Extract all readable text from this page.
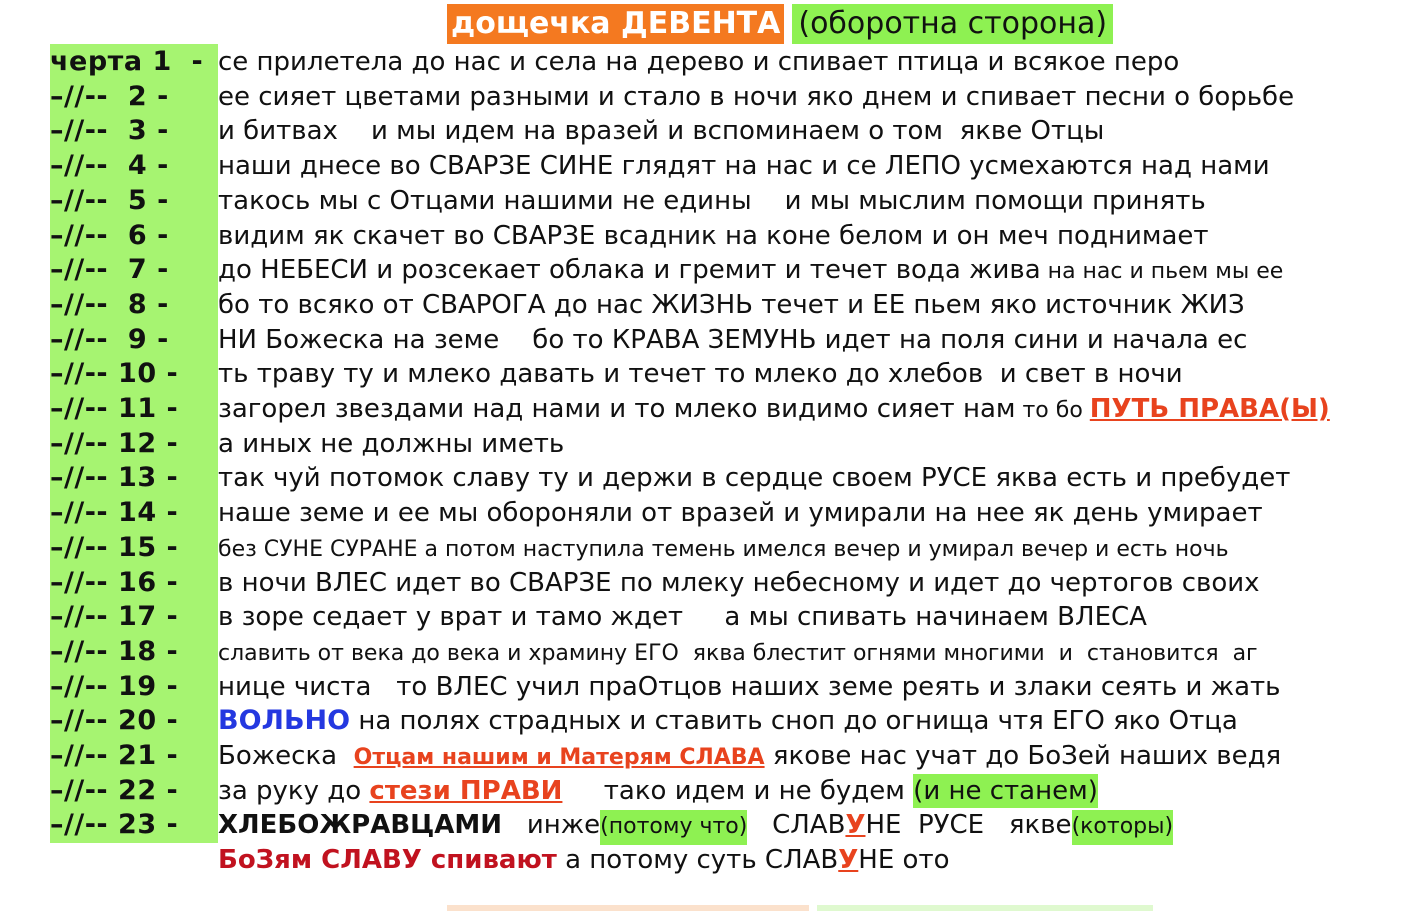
дощечка ДЕВЕНТА (оборотна сторона)
черта 1  - се прилетела до нас и села на дерево и спивает птица и всякое перо
–//--  2 - ее сияет цветами разными и стало в ночи яко днем и спивает песни о борьбе
–//--  3 - и битвах    и мы идем на вразей и вспоминаем о том  якве Отцы
–//--  4 - наши днесе во СВАРЗЕ СИНЕ глядят на нас и се ЛЕПО усмехаются над нами
–//--  5 - такось мы с Отцами нашими не едины    и мы мыслим помощи принять
–//--  6 - видим як скачет во СВАРЗЕ всадник на коне белом и он меч поднимает
–//--  7 - до НЕБЕСИ и розсекает облака и гремит и течет вода жива на нас и пьем мы ее
–//--  8 - бо то всяко от СВАРОГА до нас ЖИЗНЬ течет и ЕЕ пьем яко источник ЖИЗ
–//--  9 - НИ Божеска на земе    бо то КРАВА ЗЕМУНЬ идет на поля сини и начала ес
–//-- 10 - ть траву ту и млеко давать и течет то млеко до хлебов  и свет в ночи
–//-- 11 - загорел звездами над нами и то млеко видимо сияет нам то бо ПУТЬ ПРАВА(Ы)
–//-- 12 - а иных не должны иметь
–//-- 13 - так чуй потомок славу ту и держи в сердце своем РУСЕ яква есть и пребудет
–//-- 14 - наше земе и ее мы обороняли от вразей и умирали на нее як день умирает
–//-- 15 - без СУНЕ СУРАНЕ а потом наступила темень имелся вечер и умирал вечер и есть ночь
–//-- 16 - в ночи ВЛЕС идет во СВАРЗЕ по млеку небесному и идет до чертогов своих
–//-- 17 - в зоре седает у врат и тамо ждет     а мы спивать начинаем ВЛЕСА
–//-- 18 - славить от века до века и храмину ЕГО  яква блестит огнями многими  и  становится  аг
–//-- 19 - нице чиста   то ВЛЕС учил праОтцов наших земе реять и злаки сеять и жать
–//-- 20 - ВОЛЬНО на полях страдных и ставить сноп до огнища чтя ЕГО яко Отца
–//-- 21 - Божеска  Отцам нашим и Матерям СЛАВА якове нас учат до БоЗей наших ведя
–//-- 22 - за руку до стези ПРАВИ     тако идем и не будем (и не станем)
–//-- 23 - ХЛЕБОЖРАВЦАМИ   инже(потому что)   СЛАВУНЕ  РУСЕ   якве(которы)
БоЗям СЛАВУ спивают а потому суть СЛАВУНЕ ото
